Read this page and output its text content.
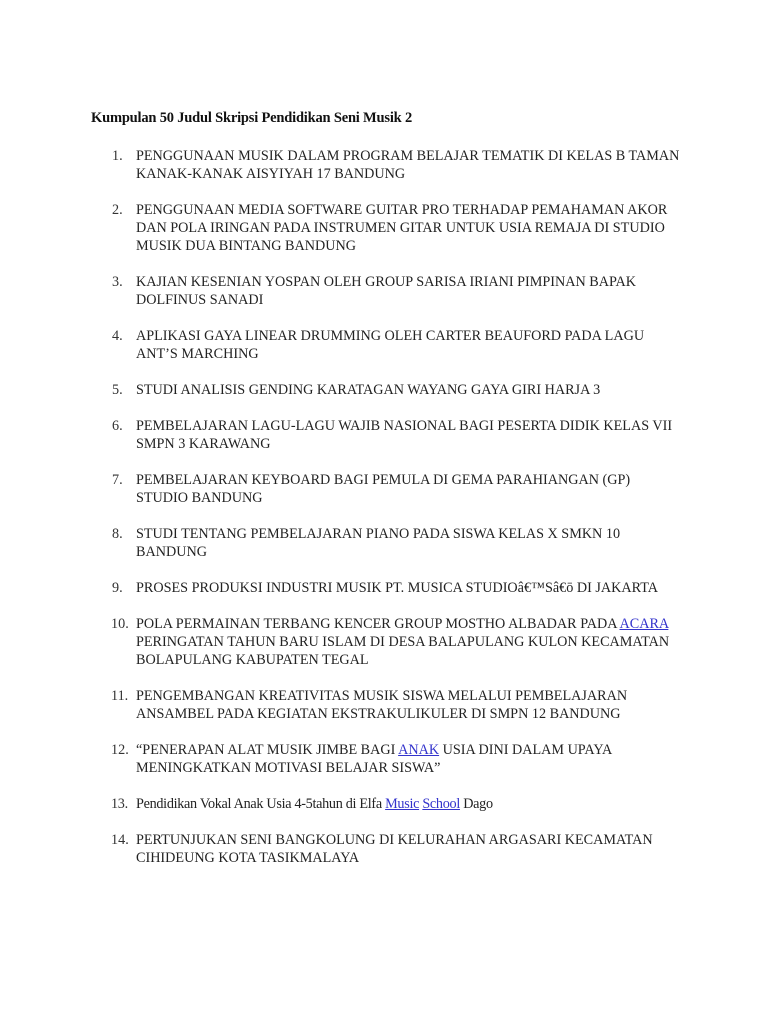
Kumpulan 50 Judul Skripsi Pendidikan Seni Musik 2
1. PENGGUNAAN MUSIK DALAM PROGRAM BELAJAR TEMATIK DI KELAS B TAMAN KANAK-KANAK AISYIYAH 17 BANDUNG
2. PENGGUNAAN MEDIA SOFTWARE GUITAR PRO TERHADAP PEMAHAMAN AKOR DAN POLA IRINGAN PADA INSTRUMEN GITAR UNTUK USIA REMAJA DI STUDIO MUSIK DUA BINTANG BANDUNG
3. KAJIAN KESENIAN YOSPAN OLEH GROUP SARISA IRIANI PIMPINAN BAPAK DOLFINUS SANADI
4. APLIKASI GAYA LINEAR DRUMMING OLEH CARTER BEAUFORD PADA LAGU ANT’S MARCHING
5. STUDI ANALISIS GENDING KARATAGAN WAYANG GAYA GIRI HARJA 3
6. PEMBELAJARAN LAGU-LAGU WAJIB NASIONAL BAGI PESERTA DIDIK KELAS VII SMPN 3 KARAWANG
7. PEMBELAJARAN KEYBOARD BAGI PEMULA DI GEMA PARAHIANGAN (GP) STUDIO BANDUNG
8. STUDI TENTANG PEMBELAJARAN PIANO PADA SISWA KELAS X SMKN 10 BANDUNG
9. PROSES PRODUKSI INDUSTRI MUSIK PT. MUSICA STUDIOâ€™Sâ€ō DI JAKARTA
10. POLA PERMAINAN TERBANG KENCER GROUP MOSTHO ALBADAR PADA ACARA PERINGATAN TAHUN BARU ISLAM DI DESA BALAPULANG KULON KECAMATAN BOLAPULANG KABUPATEN TEGAL
11. PENGEMBANGAN KREATIVITAS MUSIK SISWA MELALUI PEMBELAJARAN ANSAMBEL PADA KEGIATAN EKSTRAKULIKULER DI SMPN 12 BANDUNG
12. “PENERAPAN ALAT MUSIK JIMBE BAGI ANAK USIA DINI DALAM UPAYA MENINGKATKAN MOTIVASI BELAJAR SISWA”
13. Pendidikan Vokal Anak Usia 4-5tahun di Elfa Music School Dago
14. PERTUNJUKAN SENI BANGKOLUNG DI KELURAHAN ARGASARI KECAMATAN CIHIDEUNG KOTA TASIKMALAYA
